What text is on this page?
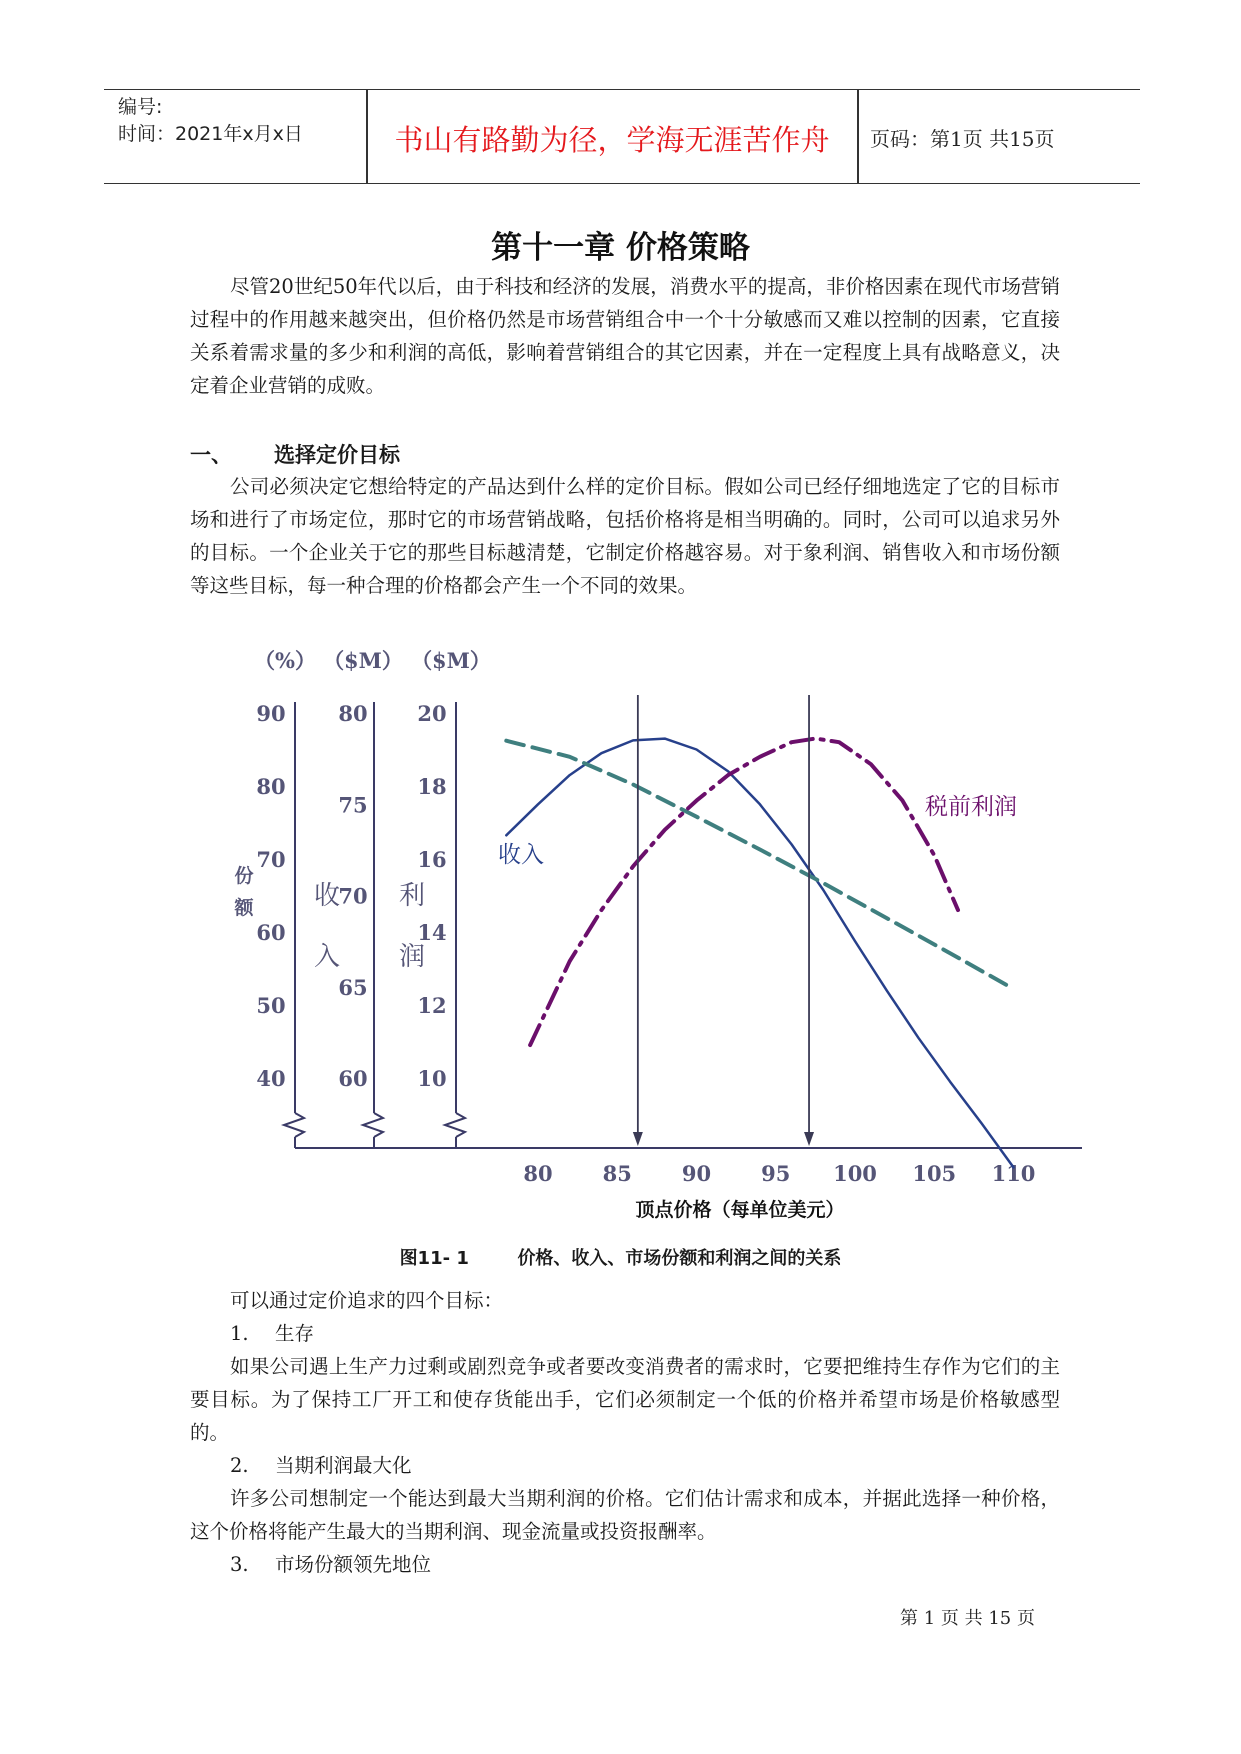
编号:
时间：2021年x月x日	书山有路勤为径，学海无涯苦作舟	页码：第1页 共15页
第十一章 价格策略

尽管20世纪50年代以后，由于科技和经济的发展，消费水平的提高，非价格因素在现代市场营销过程中的作用越来越突出，但价格仍然是市场营销组合中一个十分敏感而又难以控制的因素，它直接关系着需求量的多少和利润的高低，影响着营销组合的其它因素，并在一定程度上具有战略意义，决定着企业营销的成败。

一、 选择定价目标

公司必须决定它想给特定的产品达到什么样的定价目标。假如公司已经仔细地选定了它的目标市场和进行了市场定位，那时它的市场营销战略，包括价格将是相当明确的。同时，公司可以追求另外的目标。一个企业关于它的那些目标越清楚，它制定价格越容易。对于象利润、销售收入和市场份额等这些目标，每一种合理的价格都会产生一个不同的效果。

（%）
40
50
60
70
80
90
（$M）
60
65
70
75
80
（$M）
10
12
14
16
18
20
份
额 收
入
利
润
80 85 90 95 100 105 110
顶点价格（每单位美元）
收入
税前利润
图11- 1	价格、收入、市场份额和利润之间的关系
可以通过定价追求的四个目标：
1. 生存

如果公司遇上生产力过剩或剧烈竞争或者要改变消费者的需求时，它要把维持生存作为它们的主要目标。为了保持工厂开工和使存货能出手，它们必须制定一个低的价格并希望市场是价格敏感型的。

2. 当期利润最大化

许多公司想制定一个能达到最大当期利润的价格。它们估计需求和成本，并据此选择一种价格，这个价格将能产生最大的当期利润、现金流量或投资报酬率。

3. 市场份额领先地位
第 1 页 共 15 页
